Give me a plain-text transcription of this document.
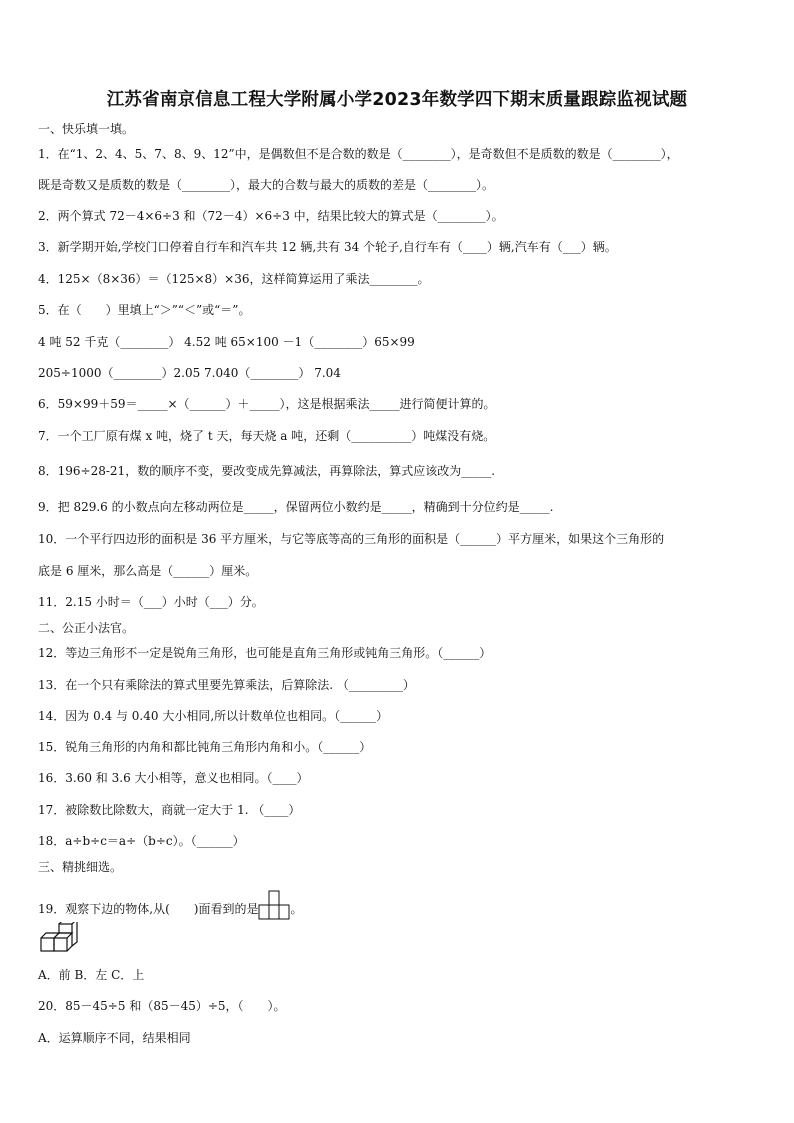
江苏省南京信息工程大学附属小学2023年数学四下期末质量跟踪监视试题
一、快乐填一填。
1．在“1、2、4、5、7、8、9、12”中，是偶数但不是合数的数是（________），是奇数但不是质数的数是（________），
既是奇数又是质数的数是（________），最大的合数与最大的质数的差是（________）。
2．两个算式 72－4×6÷3 和（72－4）×6÷3 中，结果比较大的算式是（________）。
3．新学期开始,学校门口停着自行车和汽车共 12 辆,共有 34 个轮子,自行车有（____）辆,汽车有（___）辆。
4．125×（8×36）＝（125×8）×36，这样简算运用了乘法________。
5．在（　　）里填上“＞”“＜”或“＝”。
4 吨 52 千克（________） 4.52 吨 65×100 －1（________）65×99
205÷1000（________）2.05 7.040（________） 7.04
6．59×99＋59＝_____×（______）＋_____），这是根据乘法_____进行简便计算的。
7．一个工厂原有煤 x 吨，烧了 t 天，每天烧 a 吨，还剩（__________）吨煤没有烧。
8．196÷28-21，数的顺序不变，要改变成先算减法，再算除法，算式应该改为_____.
9．把 829.6 的小数点向左移动两位是_____，保留两位小数约是_____，精确到十分位约是_____.
10．一个平行四边形的面积是 36 平方厘米，与它等底等高的三角形的面积是（______）平方厘米，如果这个三角形的
底是 6 厘米，那么高是（______）厘米。
11．2.15 小时＝（___）小时（___）分。
二、公正小法官。
12．等边三角形不一定是锐角三角形，也可能是直角三角形或钝角三角形。（______）
13．在一个只有乘除法的算式里要先算乘法，后算除法. （_________）
14．因为 0.4 与 0.40 大小相同,所以计数单位也相同。（______）
15．锐角三角形的内角和都比钝角三角形内角和小。（______）
16．3.60 和 3.6 大小相等，意义也相同。（____）
17．被除数比除数大，商就一定大于 1. （____）
18．a÷b÷c＝a÷（b÷c）。（______）
三、精挑细选。
19．观察下边的物体,从(　　)面看到的是	。
A．前 B．左 C．上
20．85－45÷5 和（85－45）÷5，（　　）。
A．运算顺序不同，结果相同
